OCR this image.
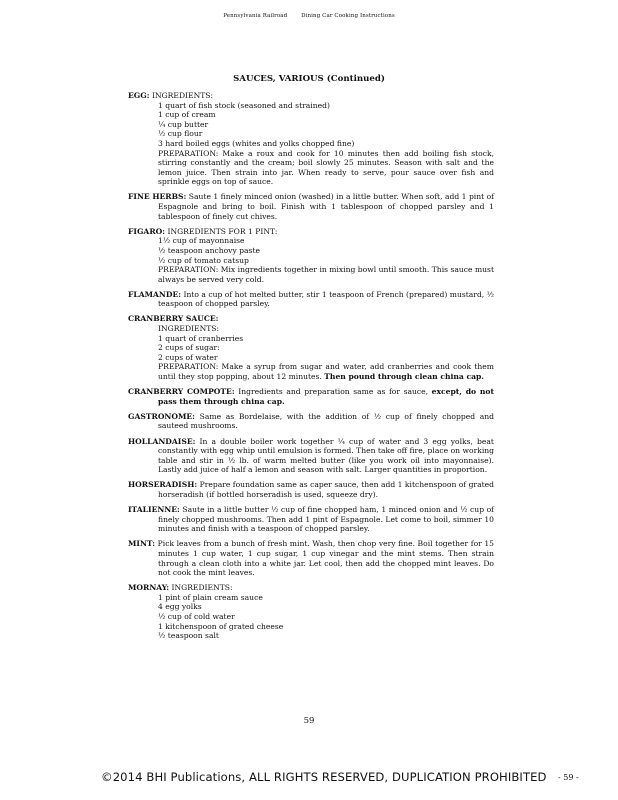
Pennsylvania Railroad	Dining Car Cooking Instructions
SAUCES, VARIOUS (Continued)
EGG: INGREDIENTS:
1 quart of fish stock (seasoned and strained)
1 cup of cream
¼ cup butter
½ cup flour
3 hard boiled eggs (whites and yolks chopped fine)
PREPARATION: Make a roux and cook for 10 minutes then add boiling fish stock, stirring constantly and the cream; boil slowly 25 minutes. Season with salt and the lemon juice. Then strain into jar. When ready to serve, pour sauce over fish and sprinkle eggs on top of sauce.
FINE HERBS: Saute 1 finely minced onion (washed) in a little butter. When soft, add 1 pint of Espagnole and bring to boil. Finish with 1 tablespoon of chopped parsley and 1 tablespoon of finely cut chives.
FIGARO: INGREDIENTS FOR 1 PINT:
1½ cup of mayonnaise
½ teaspoon anchovy paste
½ cup of tomato catsup
PREPARATION: Mix ingredients together in mixing bowl until smooth. This sauce must always be served very cold.
FLAMANDE: Into a cup of hot melted butter, stir 1 teaspoon of French (prepared) mustard, ½ teaspoon of chopped parsley.
CRANBERRY SAUCE:
INGREDIENTS:
1 quart of cranberries
2 cups of sugar:
2 cups of water
PREPARATION: Make a syrup from sugar and water, add cranberries and cook them until they stop popping, about 12 minutes. Then pound through clean china cap.
CRANBERRY COMPOTE: Ingredients and preparation same as for sauce, except, do not pass them through china cap.
GASTRONOME: Same as Bordelaise, with the addition of ½ cup of finely chopped and sauteed mushrooms.
HOLLANDAISE: In a double boiler work together ¼ cup of water and 3 egg yolks, beat constantly with egg whip until emulsion is formed. Then take off fire, place on working table and stir in ½ lb. of warm melted butter (like you work oil into mayonnaise). Lastly add juice of half a lemon and season with salt. Larger quantities in proportion.
HORSERADISH: Prepare foundation same as caper sauce, then add 1 kitchenspoon of grated horseradish (if bottled horseradish is used, squeeze dry).
ITALIENNE: Saute in a little butter ½ cup of fine chopped ham, 1 minced onion and ½ cup of finely chopped mushrooms. Then add 1 pint of Espagnole. Let come to boil, simmer 10 minutes and finish with a teaspoon of chopped parsley.
MINT: Pick leaves from a bunch of fresh mint. Wash, then chop very fine. Boil together for 15 minutes 1 cup water, 1 cup sugar, 1 cup vinegar and the mint stems. Then strain through a clean cloth into a white jar. Let cool, then add the chopped mint leaves. Do not cook the mint leaves.
MORNAY: INGREDIENTS:
1 pint of plain cream sauce
4 egg yolks
½ cup of cold water
1 kitchenspoon of grated cheese
½ teaspoon salt
59
©2014 BHI Publications, ALL RIGHTS RESERVED, DUPLICATION PROHIBITED - 59 -
